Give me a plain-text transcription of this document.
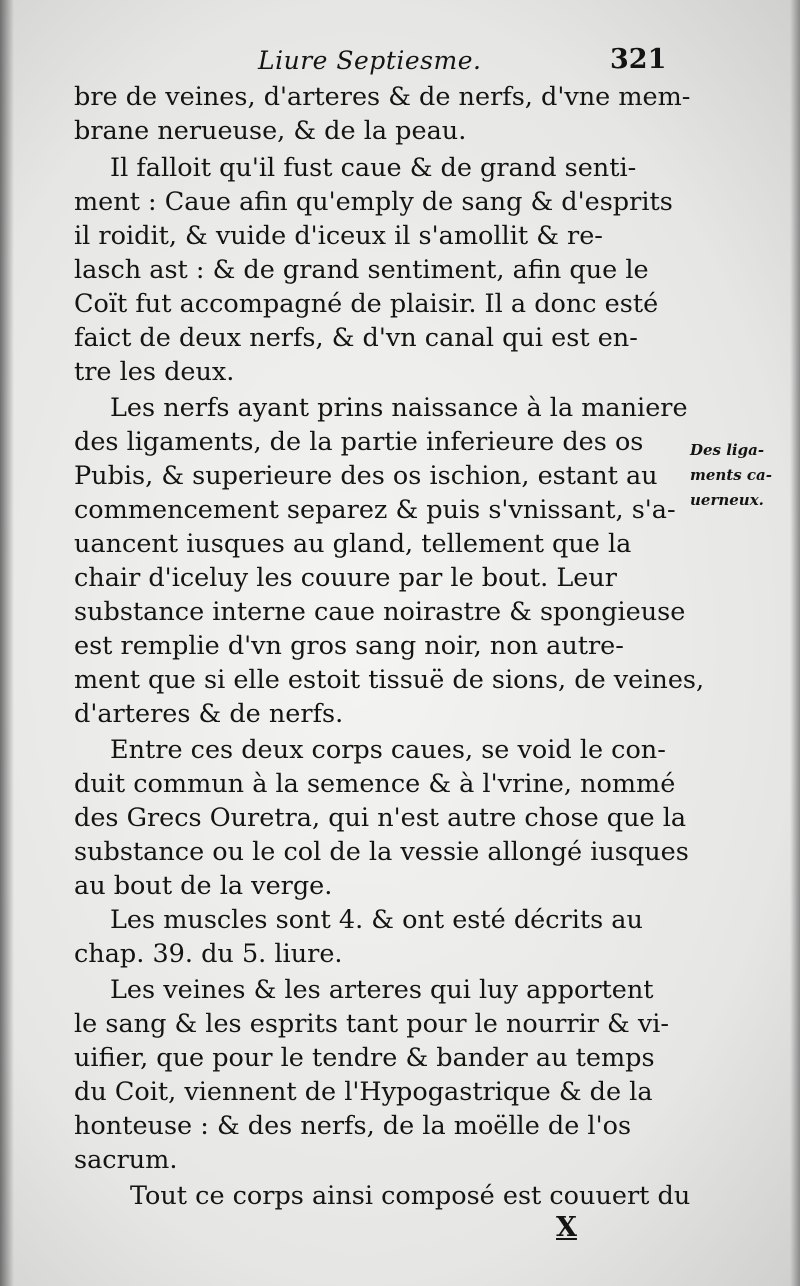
Liure Septiesme.	321
bre de veines, d'arteres & de nerfs, d'vne mem-
brane nerueuse, & de la peau.
Il falloit qu'il fust caue & de grand senti-
ment : Caue afin qu'emply de sang & d'esprits
il roidit, & vuide d'iceux il s'amollit & re-
lasch ast : & de grand sentiment, afin que le
Coït fut accompagné de plaisir. Il a donc esté
faict de deux nerfs, & d'vn canal qui est en-
tre les deux.
Les nerfs ayant prins naissance à la maniere
des ligaments, de la partie inferieure des os
Pubis, & superieure des os ischion, estant au
commencement separez & puis s'vnissant, s'a-
uancent iusques au gland, tellement que la
chair d'iceluy les couure par le bout. Leur
substance interne caue noirastre & spongieuse
est remplie d'vn gros sang noir, non autre-
ment que si elle estoit tissuë de sions, de veines,
d'arteres & de nerfs.
Entre ces deux corps caues, se void le con-
duit commun à la semence & à l'vrine, nommé
des Grecs Ouretra, qui n'est autre chose que la
substance ou le col de la vessie allongé iusques
au bout de la verge.
Les muscles sont 4. & ont esté décrits au
chap. 39. du 5. liure.
Les veines & les arteres qui luy apportent
le sang & les esprits tant pour le nourrir & vi-
uifier, que pour le tendre & bander au temps
du Coit, viennent de l'Hypogastrique & de la
honteuse : & des nerfs, de la moëlle de l'os
sacrum.
Tout ce corps ainsi composé est couuert du
Des liga-
ments ca-
uerneux.
X
